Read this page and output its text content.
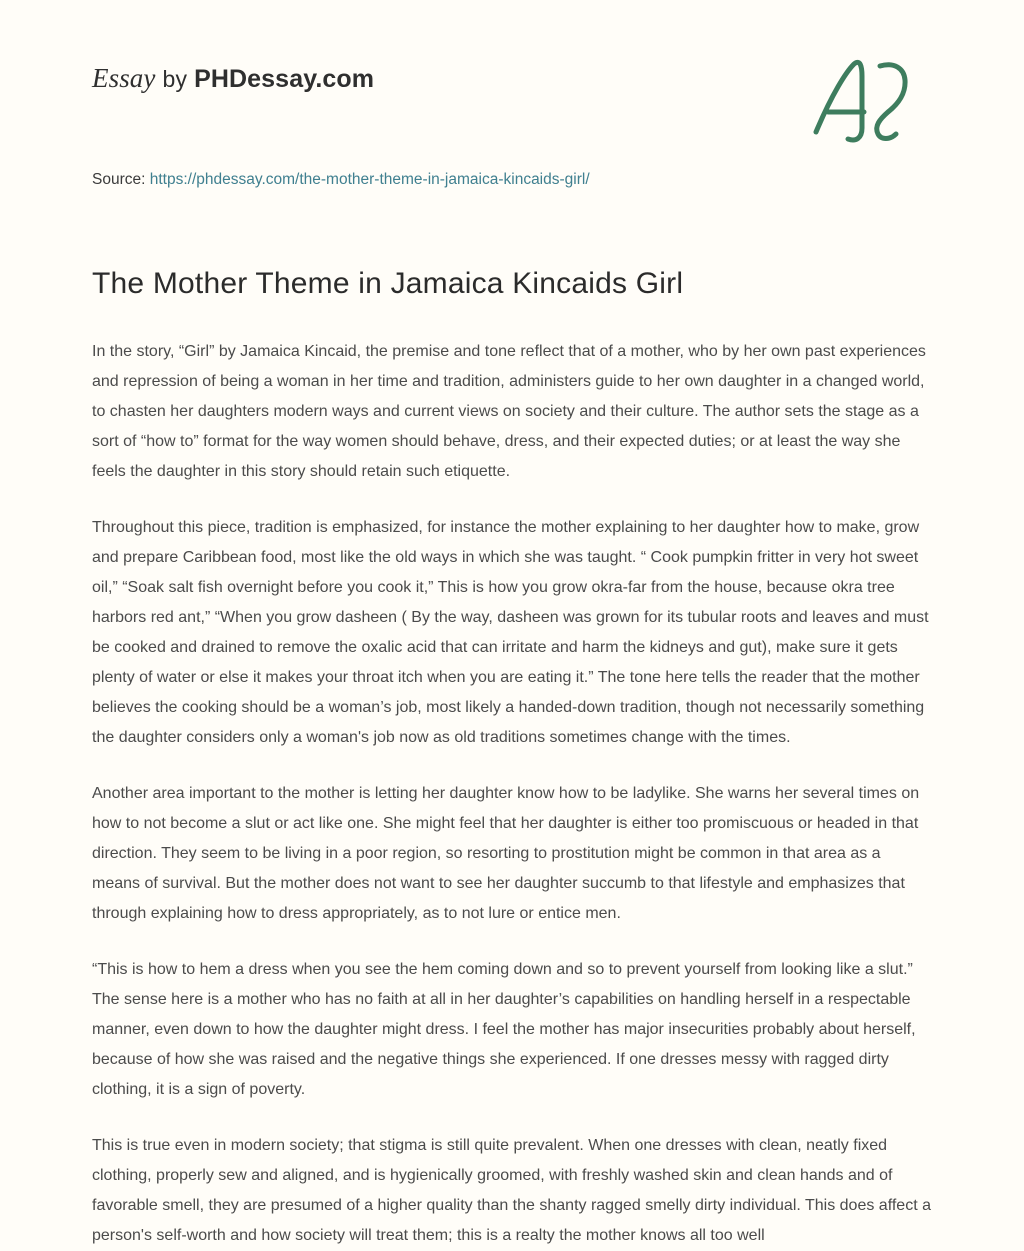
Essay by PHDessay.com
Source: https://phdessay.com/the-mother-theme-in-jamaica-kincaids-girl/
The Mother Theme in Jamaica Kincaids Girl

In the story, “Girl” by Jamaica Kincaid, the premise and tone reflect that of a mother, who by her own past experiences and repression of being a woman in her time and tradition, administers guide to her own daughter in a changed world, to chasten her daughters modern ways and current views on society and their culture. The author sets the stage as a sort of “how to” format for the way women should behave, dress, and their expected duties; or at least the way she feels the daughter in this story should retain such etiquette.

Throughout this piece, tradition is emphasized, for instance the mother explaining to her daughter how to make, grow and prepare Caribbean food, most like the old ways in which she was taught. “ Cook pumpkin fritter in very hot sweet oil,” “Soak salt fish overnight before you cook it,” This is how you grow okra-far from the house, because okra tree harbors red ant,” “When you grow dasheen ( By the way, dasheen was grown for its tubular roots and leaves and must be cooked and drained to remove the oxalic acid that can irritate and harm the kidneys and gut), make sure it gets plenty of water or else it makes your throat itch when you are eating it.” The tone here tells the reader that the mother believes the cooking should be a woman’s job, most likely a handed-down tradition, though not necessarily something the daughter considers only a woman's job now as old traditions sometimes change with the times.

Another area important to the mother is letting her daughter know how to be ladylike. She warns her several times on how to not become a slut or act like one. She might feel that her daughter is either too promiscuous or headed in that direction. They seem to be living in a poor region, so resorting to prostitution might be common in that area as a means of survival. But the mother does not want to see her daughter succumb to that lifestyle and emphasizes that through explaining how to dress appropriately, as to not lure or entice men.

“This is how to hem a dress when you see the hem coming down and so to prevent yourself from looking like a slut.” The sense here is a mother who has no faith at all in her daughter’s capabilities on handling herself in a respectable manner, even down to how the daughter might dress. I feel the mother has major insecurities probably about herself, because of how she was raised and the negative things she experienced. If one dresses messy with ragged dirty clothing, it is a sign of poverty.

This is true even in modern society; that stigma is still quite prevalent. When one dresses with clean, neatly fixed clothing, properly sew and aligned, and is hygienically groomed, with freshly washed skin and clean hands and of favorable smell, they are presumed of a higher quality than the shanty ragged smelly dirty individual. This does affect a person's self-worth and how society will treat them; this is a realty the mother knows all too well
